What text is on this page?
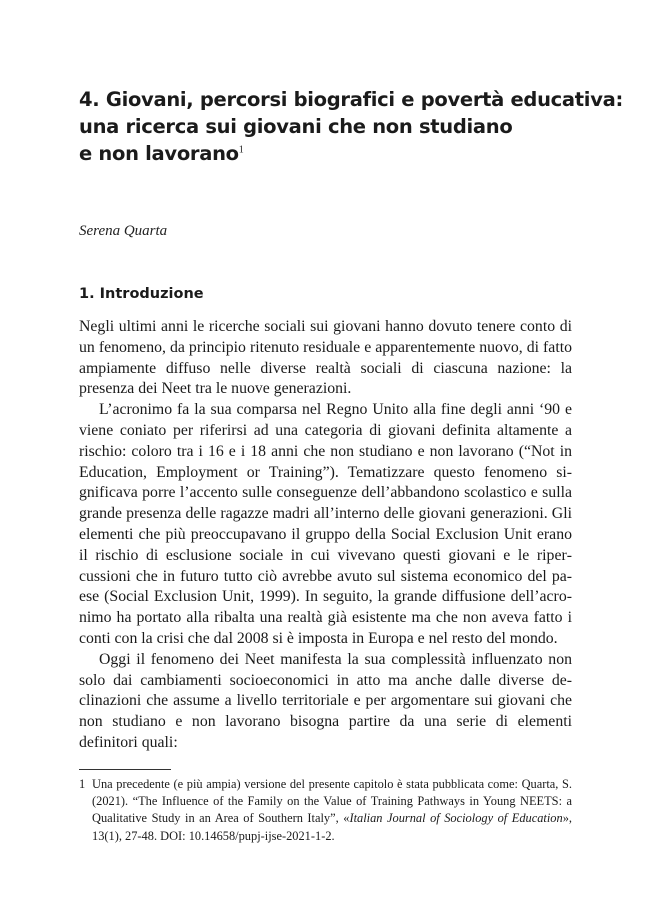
4. Giovani, percorsi biografici e povertà educativa:
una ricerca sui giovani che non studiano
e non lavorano$^1$
Serena Quarta
1. Introduzione

Negli ultimi anni le ricerche sociali sui giovani hanno dovuto tenere conto di un fenomeno, da principio ritenuto residuale e apparentemente nuovo, di fatto ampiamente diffuso nelle diverse realtà sociali di ciascuna nazione: la presenza dei Neet tra le nuove generazioni.

L’acronimo fa la sua comparsa nel Regno Unito alla fine degli anni ‘90 e viene coniato per riferirsi ad una categoria di giovani definita altamente a rischio: coloro tra i 16 e i 18 anni che non studiano e non lavorano (“Not in Education, Employment or Training”). Tematizzare questo fenomeno significava porre l’accento sulle conseguenze dell’abbandono scolastico e sulla grande presenza delle ragazze madri all’interno delle giovani generazioni. Gli elementi che più preoccupavano il gruppo della Social Exclusion Unit erano il rischio di esclusione sociale in cui vivevano questi giovani e le ripercussioni che in futuro tutto ciò avrebbe avuto sul sistema economico del paese (Social Exclusion Unit, 1999). In seguito, la grande diffusione dell’acronimo ha portato alla ribalta una realtà già esistente ma che non aveva fatto i conti con la crisi che dal 2008 si è imposta in Europa e nel resto del mondo.

Oggi il fenomeno dei Neet manifesta la sua complessità influenzato non solo dai cambiamenti socioeconomici in atto ma anche dalle diverse declinazioni che assume a livello territoriale e per argomentare sui giovani che non studiano e non lavorano bisogna partire da una serie di elementi definitori quali:

1 Una precedente (e più ampia) versione del presente capitolo è stata pubblicata come: Quarta, S. (2021). “The Influence of the Family on the Value of Training Pathways in Young NEETS: a Qualitative Study in an Area of Southern Italy”, «Italian Journal of Sociology of Education», 13(1), 27-48. DOI: 10.14658/pupj-ijse-2021-1-2.
